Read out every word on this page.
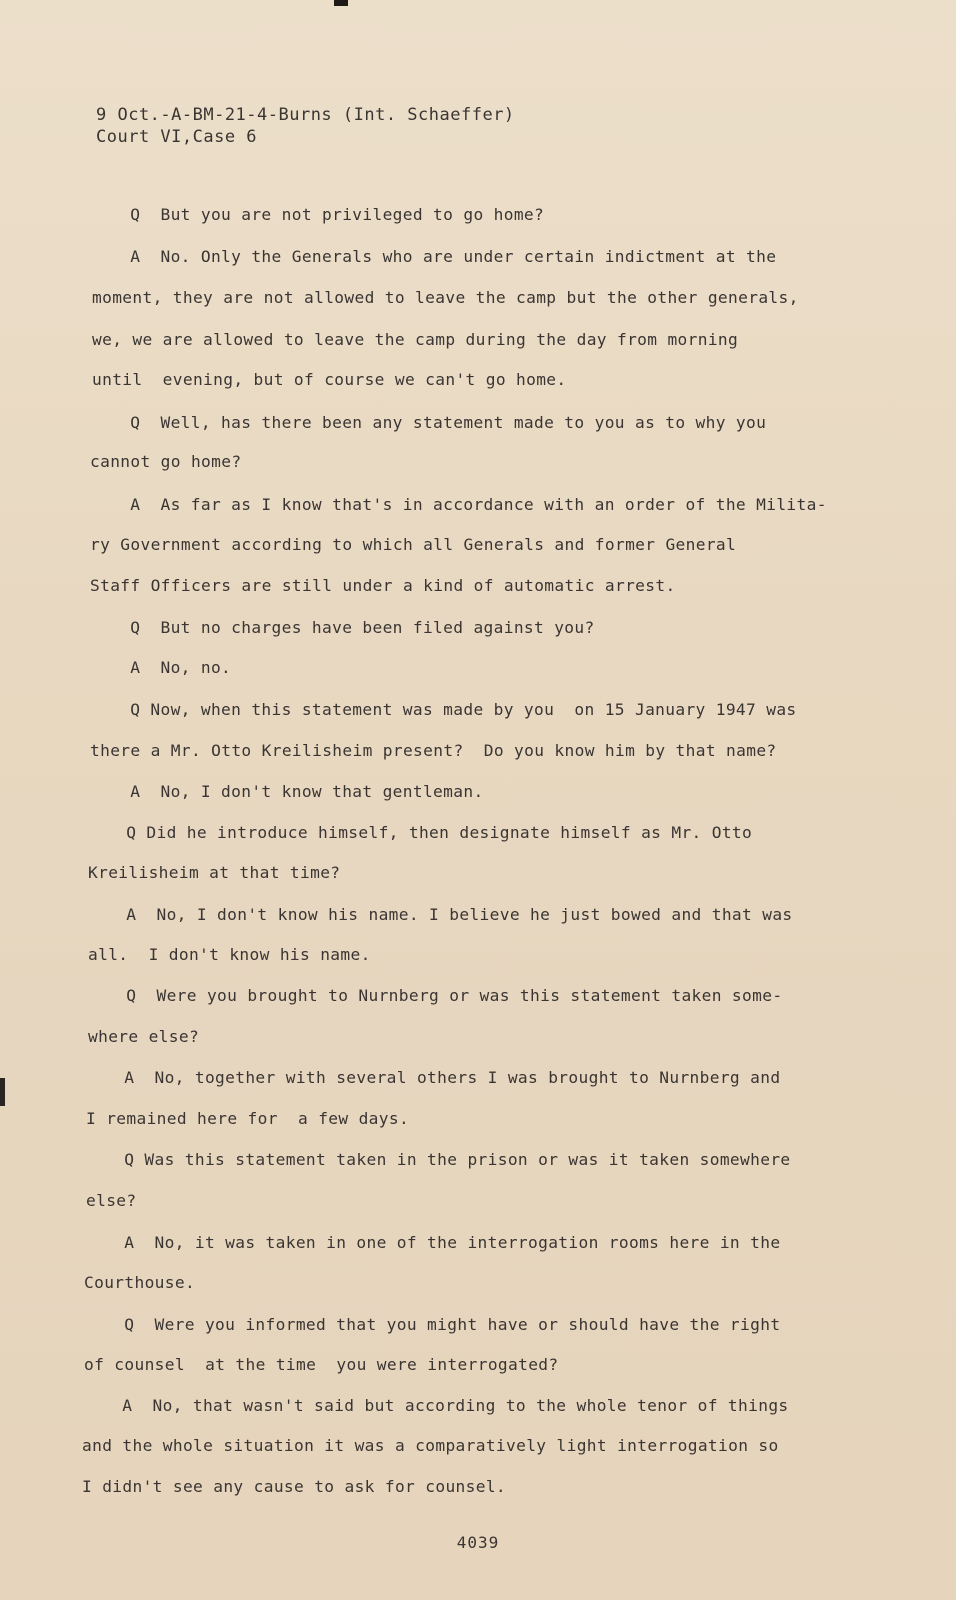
9 Oct.-A-BM-21-4-Burns (Int. Schaeffer)
Court VI,Case 6
Q  But you are not privileged to go home?
A  No. Only the Generals who are under certain indictment at the
moment, they are not allowed to leave the camp but the other generals,
we, we are allowed to leave the camp during the day from morning
until  evening, but of course we can't go home.
Q  Well, has there been any statement made to you as to why you
cannot go home?
A  As far as I know that's in accordance with an order of the Milita-
ry Government according to which all Generals and former General
Staff Officers are still under a kind of automatic arrest.
Q  But no charges have been filed against you?
A  No, no.
Q Now, when this statement was made by you  on 15 January 1947 was
there a Mr. Otto Kreilisheim present?  Do you know him by that name?
A  No, I don't know that gentleman.
Q Did he introduce himself, then designate himself as Mr. Otto
Kreilisheim at that time?
A  No, I don't know his name. I believe he just bowed and that was
all.  I don't know his name.
Q  Were you brought to Nurnberg or was this statement taken some-
where else?
A  No, together with several others I was brought to Nurnberg and
I remained here for  a few days.
Q Was this statement taken in the prison or was it taken somewhere
else?
A  No, it was taken in one of the interrogation rooms here in the
Courthouse.
Q  Were you informed that you might have or should have the right
of counsel  at the time  you were interrogated?
A  No, that wasn't said but according to the whole tenor of things
and the whole situation it was a comparatively light interrogation so
I didn't see any cause to ask for counsel.
4039
